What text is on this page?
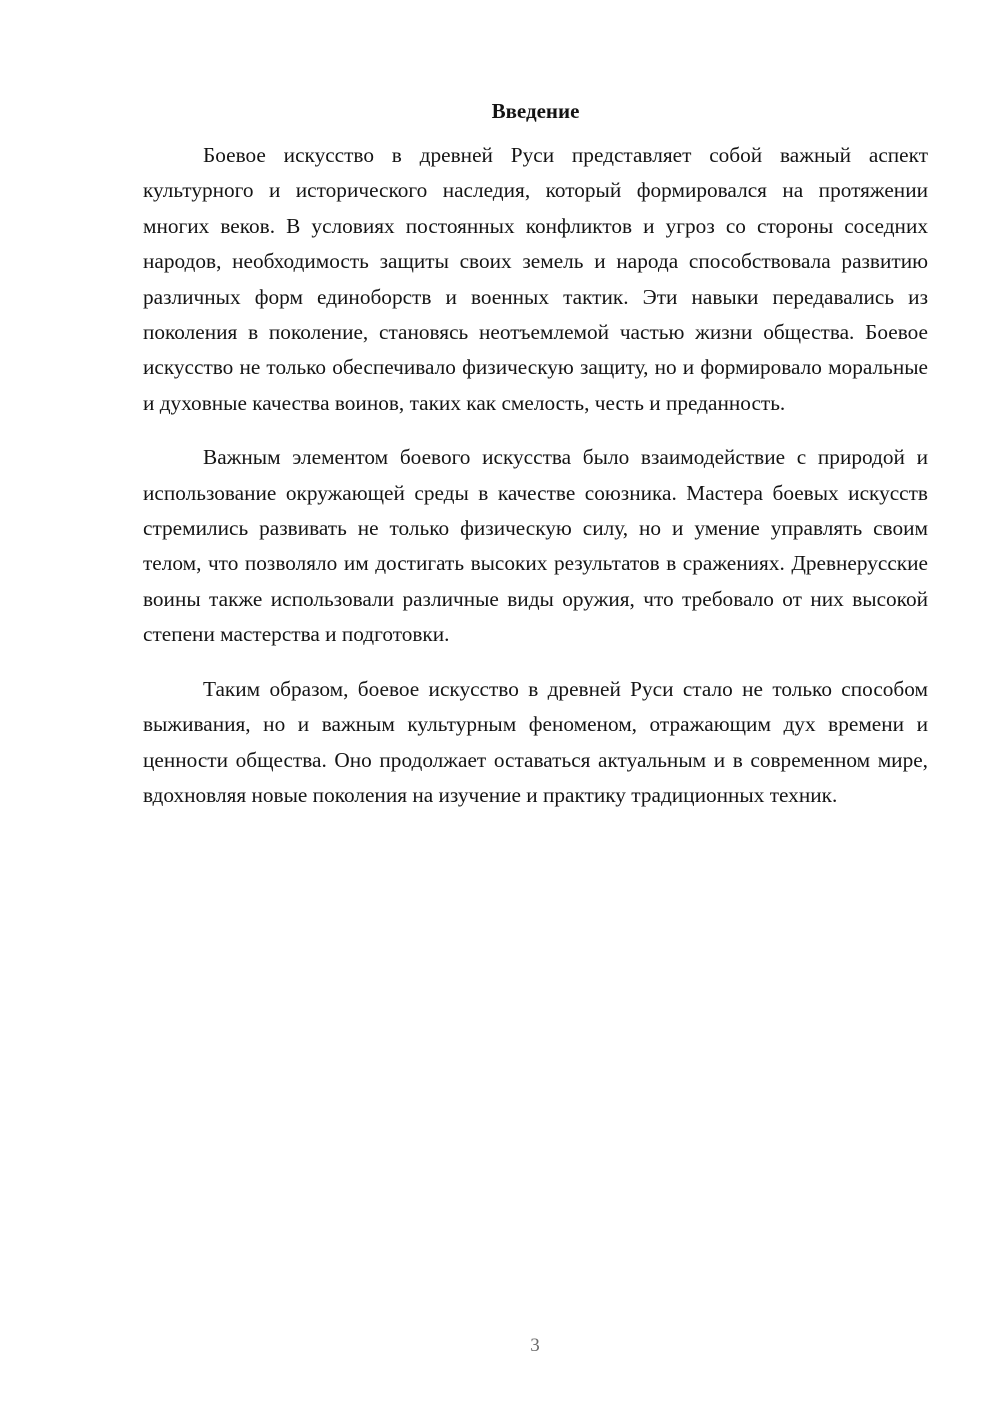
Введение

Боевое искусство в древней Руси представляет собой важный аспект культурного и исторического наследия, который формировался на протяжении многих веков. В условиях постоянных конфликтов и угроз со стороны соседних народов, необходимость защиты своих земель и народа способствовала развитию различных форм единоборств и военных тактик. Эти навыки передавались из поколения в поколение, становясь неотъемлемой частью жизни общества. Боевое искусство не только обеспечивало физическую защиту, но и формировало моральные и духовные качества воинов, таких как смелость, честь и преданность.

Важным элементом боевого искусства было взаимодействие с природой и использование окружающей среды в качестве союзника. Мастера боевых искусств стремились развивать не только физическую силу, но и умение управлять своим телом, что позволяло им достигать высоких результатов в сражениях. Древнерусские воины также использовали различные виды оружия, что требовало от них высокой степени мастерства и подготовки.

Таким образом, боевое искусство в древней Руси стало не только способом выживания, но и важным культурным феноменом, отражающим дух времени и ценности общества. Оно продолжает оставаться актуальным и в современном мире, вдохновляя новые поколения на изучение и практику традиционных техник.

3
